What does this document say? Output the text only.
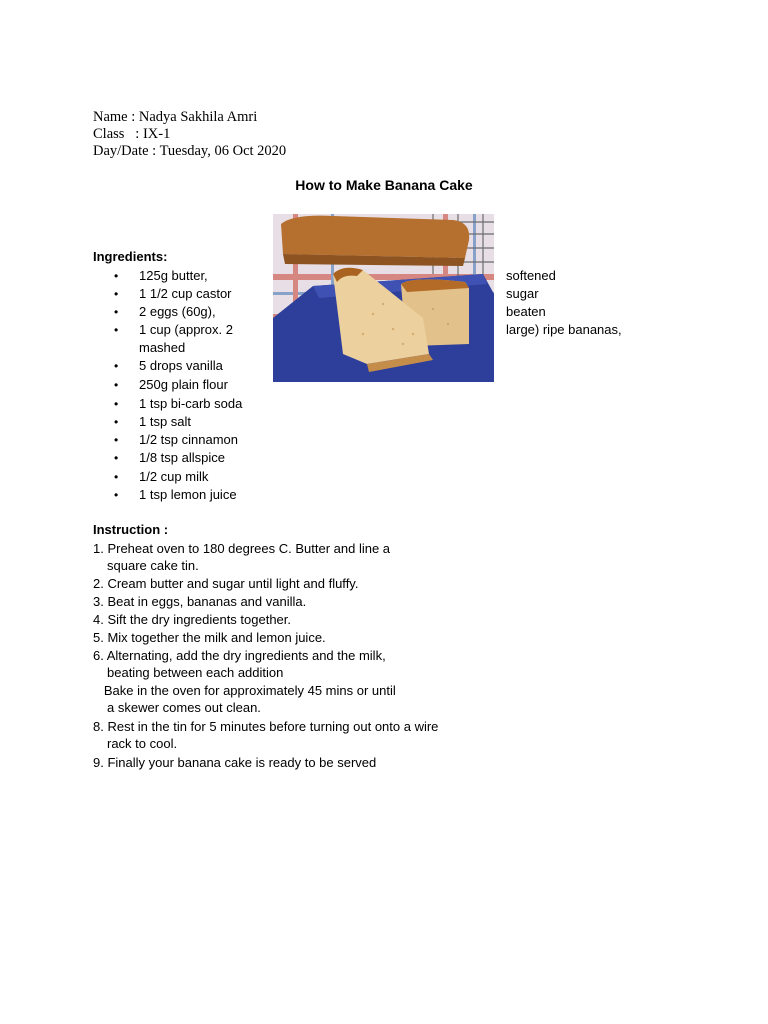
Name : Nadya Sakhila Amri
Class   : IX-1
Day/Date : Tuesday, 06 Oct 2020
How to Make Banana Cake
Ingredients:
• 125g butter,	softened
• 1 1/2 cup castor	sugar
• 2 eggs (60g),	beaten
• 1 cup (approx. 2	large) ripe bananas,
mashed
• 5 drops vanilla
• 250g plain flour
• 1 tsp bi-carb soda
• 1 tsp salt
• 1/2 tsp cinnamon
• 1/8 tsp allspice
• 1/2 cup milk
• 1 tsp lemon juice
Instruction :
1. Preheat oven to 180 degrees C. Butter and line a
square cake tin.
2. Cream butter and sugar until light and fluffy.
3. Beat in eggs, bananas and vanilla.
4. Sift the dry ingredients together.
5. Mix together the milk and lemon juice.
6. Alternating, add the dry ingredients and the milk,
beating between each addition
Bake in the oven for approximately 45 mins or until
a skewer comes out clean.
8. Rest in the tin for 5 minutes before turning out onto a wire
rack to cool.
9. Finally your banana cake is ready to be served
